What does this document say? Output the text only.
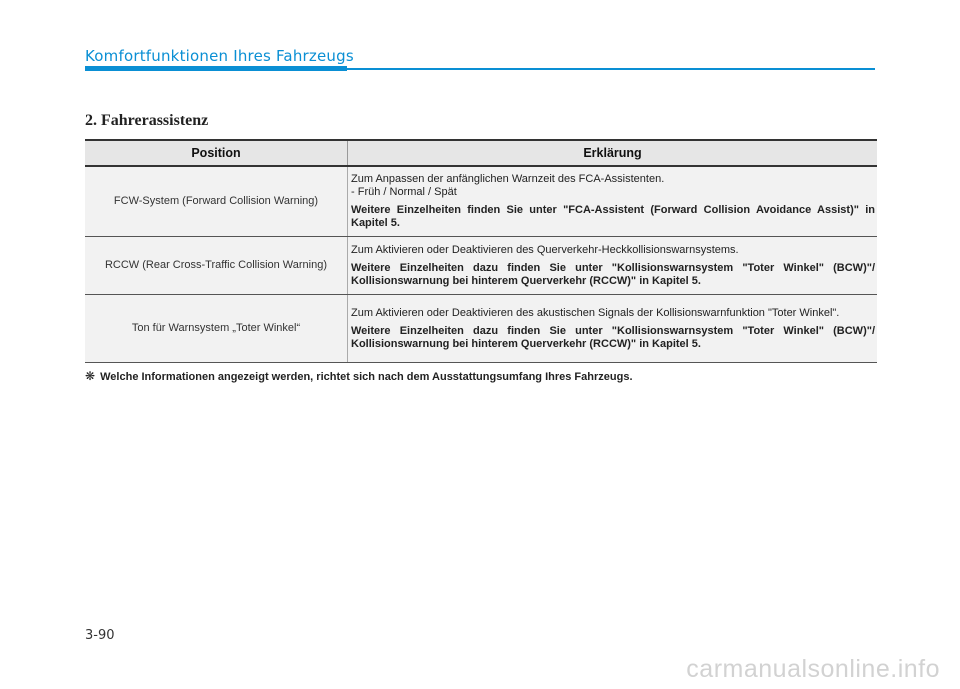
Komfortfunktionen Ihres Fahrzeugs
2. Fahrerassistenz
Position	Erklärung
FCW-System (Forward Collision Warning)	Zum Anpassen der anfänglichen Warnzeit des FCA-Assistenten.
- Früh / Normal / Spät
Weitere Einzelheiten finden Sie unter "FCA-Assistent (Forward Collision Avoidance Assist)" in Kapitel 5.

RCCW (Rear Cross-Traffic Collision Warning)	Zum Aktivieren oder Deaktivieren des Querverkehr-Heckkollisionswarnsystems.
Weitere Einzelheiten dazu finden Sie unter "Kollisionswarnsystem "Toter Winkel" (BCW)"/ Kollisionswarnung bei hinterem Querverkehr (RCCW)" in Kapitel 5.

Ton für Warnsystem „Toter Winkel“	Zum Aktivieren oder Deaktivieren des akustischen Signals der Kollisionswarnfunktion "Toter Winkel".
Weitere Einzelheiten dazu finden Sie unter "Kollisionswarnsystem "Toter Winkel" (BCW)"/ Kollisionswarnung bei hinterem Querverkehr (RCCW)" in Kapitel 5.
❋ Welche Informationen angezeigt werden, richtet sich nach dem Ausstattungsumfang Ihres Fahrzeugs.
3-90
carmanualsonline.info
